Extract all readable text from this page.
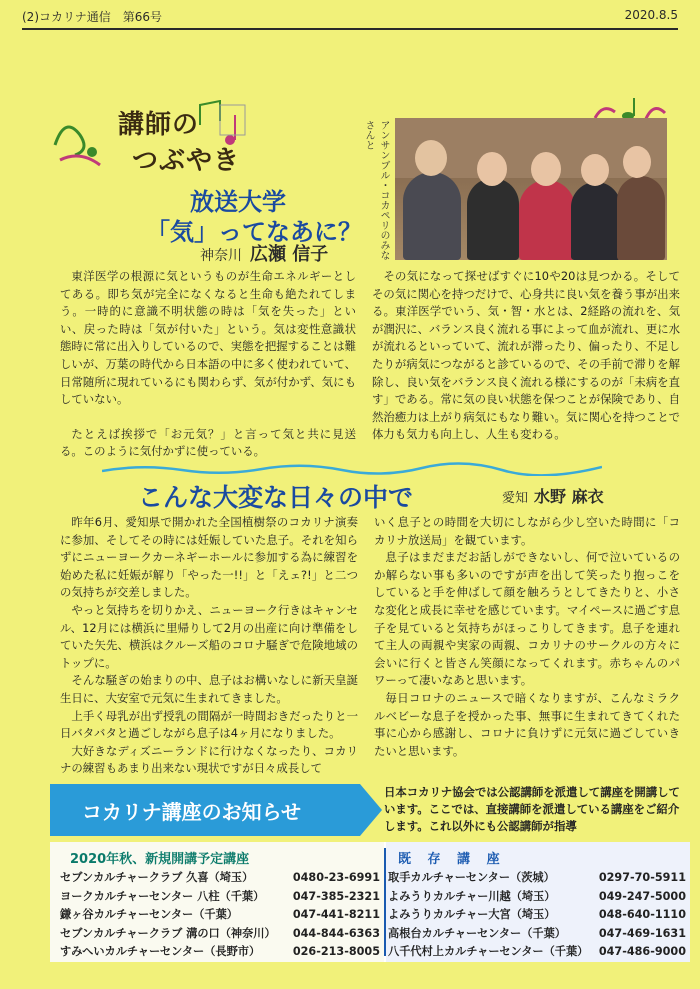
(2)コカリナ通信　第66号	2020.8.5
講師の
つぶやき
放送大学
「気」ってなあに？
神奈川 広瀬 信子	アンサンブル・コカペリのみなさんと

東洋医学の根源に気というものが生命エネルギーとしてある。即ち気が完全になくなると生命も絶たれてしまう。一時的に意識不明状態の時は「気を失った」といい、戻った時は「気が付いた」という。気は変性意識状態時に常に出入りしているので、実態を把握することは難しいが、万葉の時代から日本語の中に多く使われていて、日常随所に現れているにも関わらず、気が付かず、気にもしていない。

たとえば挨拶で「お元気？」と言って気と共に見送る。このように気付かずに使っている。

その気になって探せばすぐに10や20は見つかる。そしてその気に関心を持つだけで、心身共に良い気を養う事が出来る。東洋医学でいう、気・智・水とは、2経路の流れを、気が潤沢に、バランス良く流れる事によって血が流れ、更に水が流れるといっていて、流れが滞ったり、偏ったり、不足したりが病気につながると診ているので、その手前で滞りを解除し、良い気をバランス良く流れる様にするのが「未病を直す」である。常に気の良い状態を保つことが保険であり、自然治癒力は上がり病気にもなり難い。気に関心を持つことで体力も気力も向上し、人生も変わる。

こんな大変な日々の中で	愛知 水野 麻衣

昨年6月、愛知県で開かれた全国植樹祭のコカリナ演奏に参加、そしてその時には妊娠していた息子。それを知らずにニューヨークカーネギーホールに参加する為に練習を始めた私に妊娠が解り「やった一!!」と「えェ?!」と二つの気持ちが交差しました。

やっと気持ちを切りかえ、ニューヨーク行きはキャンセル、12月には横浜に里帰りして2月の出産に向け準備をしていた矢先、横浜はクルーズ船のコロナ騒ぎで危険地域のトップに。

そんな騒ぎの始まりの中、息子はお構いなしに新天皇誕生日に、大安室で元気に生まれてきました。

上手く母乳が出ず授乳の間隔が一時間おきだったりと一日バタバタと過ごしながら息子は4ヶ月になりました。

大好きなディズニーランドに行けなくなったり、コカリナの練習もあまり出来ない現状ですが日々成長して

いく息子との時間を大切にしながら少し空いた時間に「コカリナ放送局」を観ています。

息子はまだまだお話しができないし、何で泣いているのか解らない事も多いのですが声を出して笑ったり抱っこをしていると手を伸ばして顔を触ろうとしてきたりと、小さな変化と成長に幸せを感じています。マイペースに過ごす息子を見ていると気持ちがほっこりしてきます。息子を連れて主人の両親や実家の両親、コカリナのサークルの方々に会いに行くと皆さん笑顔になってくれます。赤ちゃんのパワーって凄いなあと思います。

毎日コロナのニュースで暗くなりますが、こんなミラクルベビーな息子を授かった事、無事に生まれてきてくれた事に心から感謝し、コロナに負けずに元気に過ごしていきたいと思います。

コカリナ講座のお知らせ
日本コカリナ協会では公認講師を派遣して講座を開講しています。ここでは、直接講師を派遣している講座をご紹介します。これ以外にも公認講師が指導
2020年秋、新規開講予定講座
セブンカルチャークラブ 久喜（埼玉）	0480-23-6991
ヨークカルチャーセンター 八柱（千葉）	047-385-2321
鎌ヶ谷カルチャーセンター（千葉）	047-441-8211
セブンカルチャークラブ 溝の口（神奈川） 044-844-6363
すみへいカルチャーセンター（長野市）	026-213-8005
既 存 講 座
取手カルチャーセンター（茨城）	0297-70-5911
よみうりカルチャー川越（埼玉）	049-247-5000
よみうりカルチャー大宮（埼玉）	048-640-1110
高根台カルチャーセンター（千葉）	047-469-1631
八千代村上カルチャーセンター（千葉） 047-486-9000
